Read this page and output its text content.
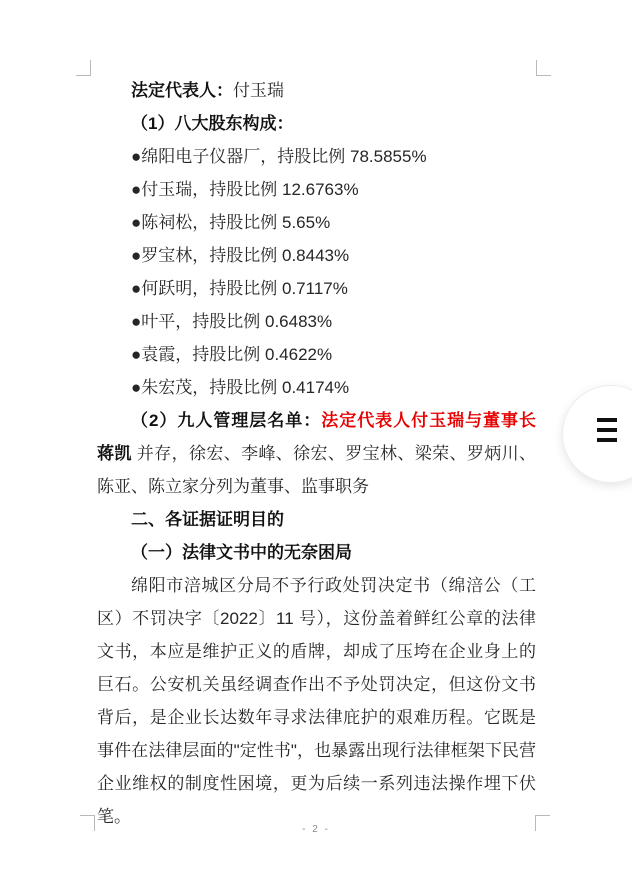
法定代表人：付玉瑞

（1）八大股东构成：

●绵阳电子仪器厂，持股比例 78.5855%

●付玉瑞，持股比例 12.6763%

●陈祠松，持股比例 5.65%

●罗宝林，持股比例 0.8443%

●何跃明，持股比例 0.7117%

●叶平，持股比例 0.6483%

●袁霞，持股比例 0.4622%

●朱宏茂，持股比例 0.4174%

（2）九人管理层名单：法定代表人付玉瑞与董事长 蒋凯 并存，徐宏、李峰、徐宏、罗宝林、梁荣、罗炳川、陈亚、陈立家分列为董事、监事职务

二、各证据证明目的

（一）法律文书中的无奈困局

绵阳市涪城区分局不予行政处罚决定书（绵涪公（工区）不罚决字〔2022〕11 号），这份盖着鲜红公章的法律文书，本应是维护正义的盾牌，却成了压垮在企业身上的巨石。公安机关虽经调查作出不予处罚决定，但这份文书背后，是企业长达数年寻求法律庇护的艰难历程。它既是事件在法律层面的"定性书"，也暴露出现行法律框架下民营企业维权的制度性困境，更为后续一系列违法操作埋下伏笔。

- 2 -
